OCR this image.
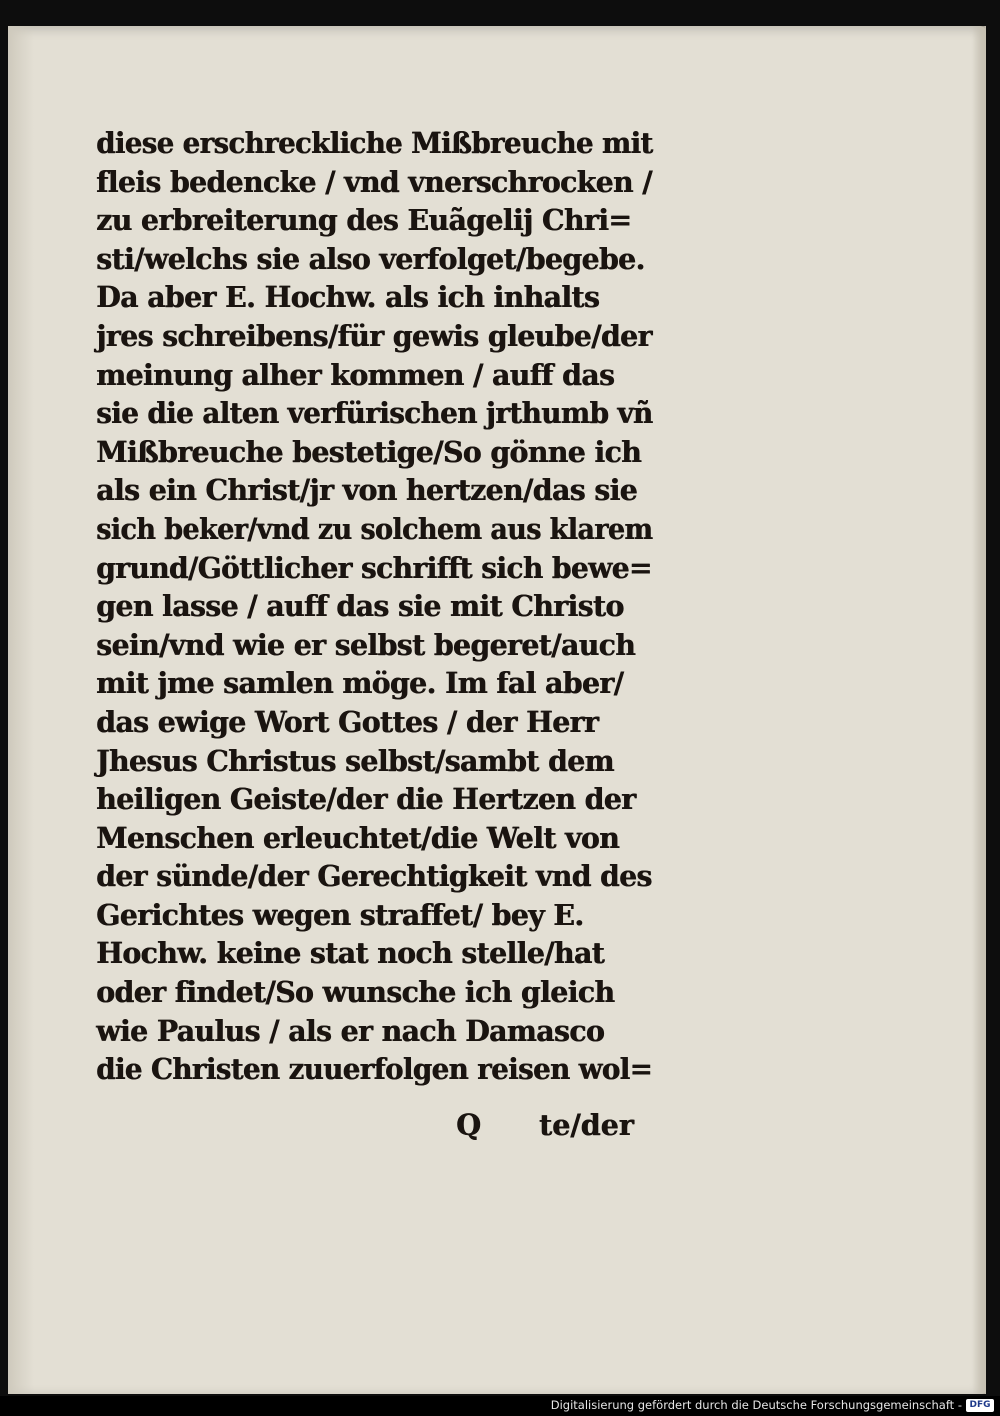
diese erschreckliche Mißbreuche mit
fleis bedencke / vnd vnerschrocken /
zu erbreiterung des Euãgelij Chri=
sti/welchs sie also verfolget/begebe.
Da aber E. Hochw. als ich inhalts
jres schreibens/für gewis gleube/der
meinung alher kommen / auff das
sie die alten verfürischen jrthumb vñ
Mißbreuche bestetige/So gönne ich
als ein Christ/jr von hertzen/das sie
sich beker/vnd zu solchem aus klarem
grund/Göttlicher schrifft sich bewe=
gen lasse / auff das sie mit Christo
sein/vnd wie er selbst begeret/auch
mit jme samlen möge. Im fal aber/
das ewige Wort Gottes / der Herr
Jhesus Christus selbst/sambt dem
heiligen Geiste/der die Hertzen der
Menschen erleuchtet/die Welt von
der sünde/der Gerechtigkeit vnd des
Gerichtes wegen straffet/ bey E.
Hochw. keine stat noch stelle/hat
oder findet/So wunsche ich gleich
wie Paulus / als er nach Damasco
die Christen zuuerfolgen reisen wol=
Q te/der
Digitalisierung gefördert durch die Deutsche Forschungsgemeinschaft - DFG
